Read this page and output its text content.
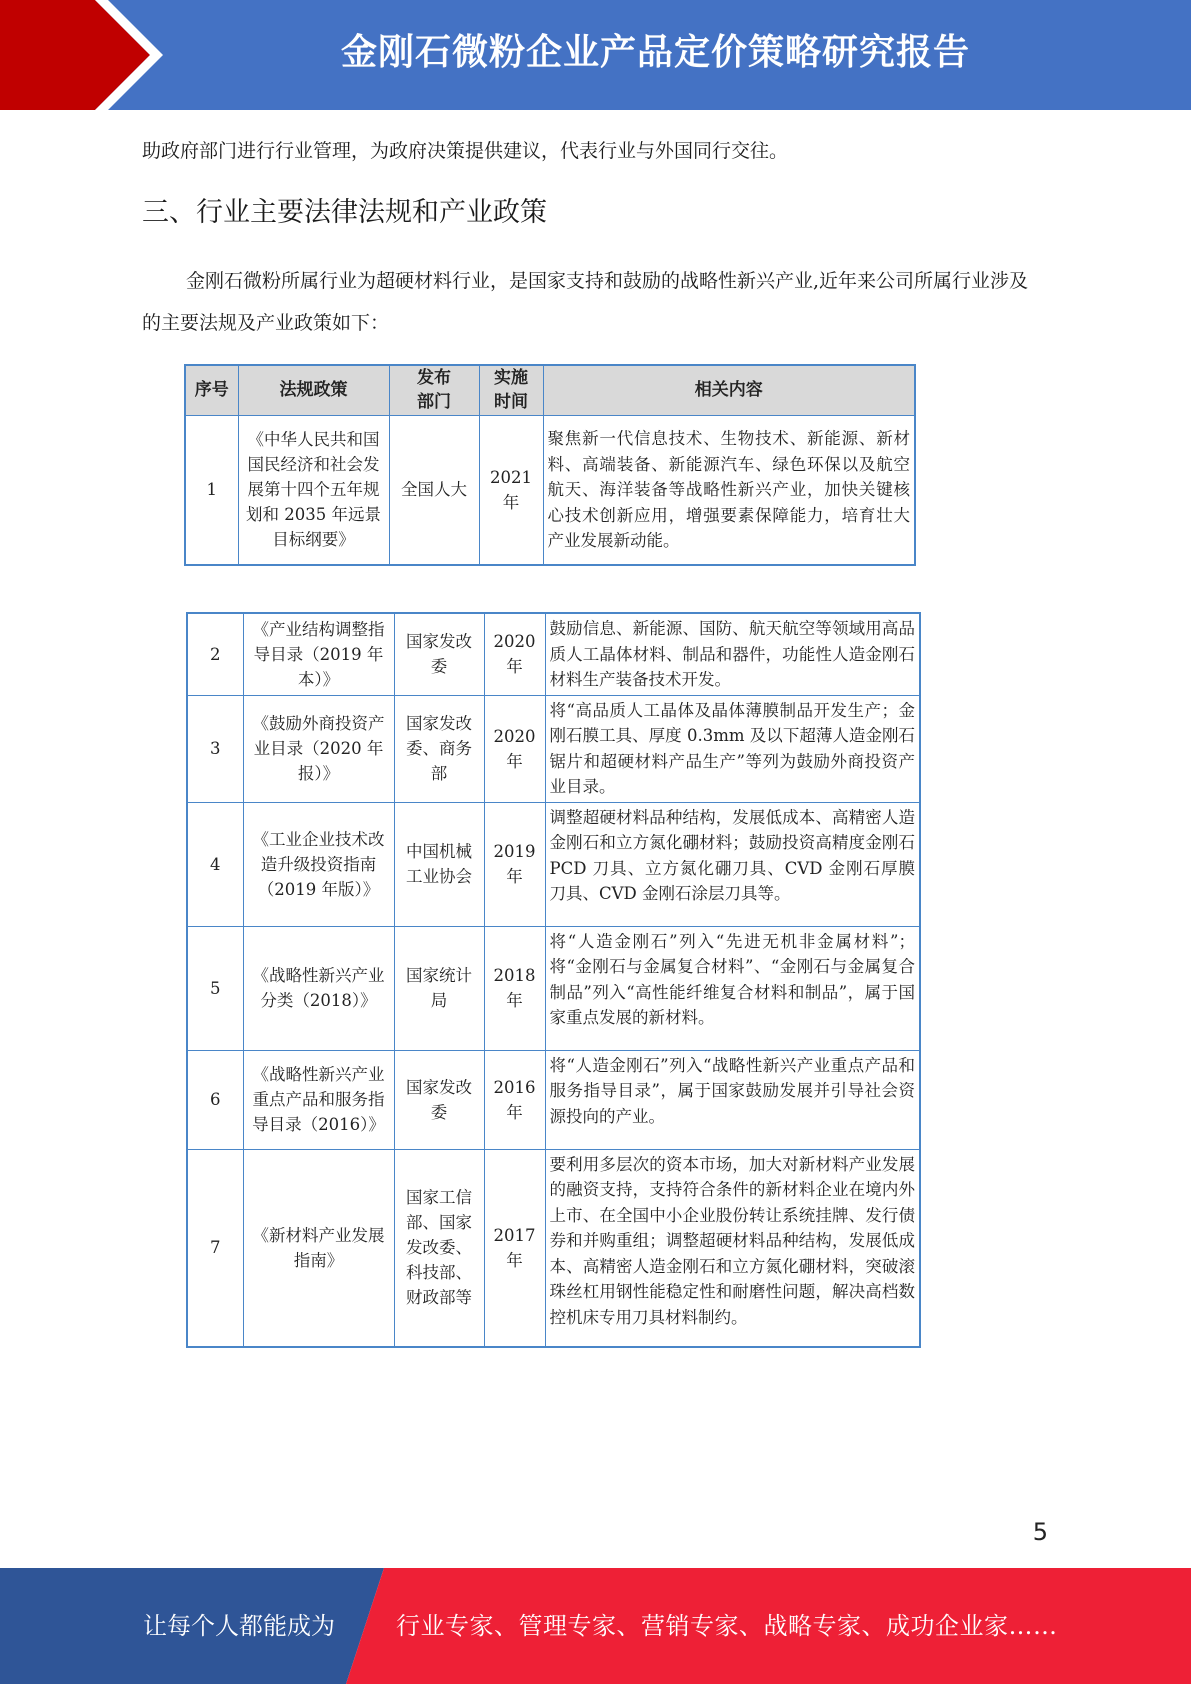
金刚石微粉企业产品定价策略研究报告

助政府部门进行行业管理，为政府决策提供建议，代表行业与外国同行交往。

三、行业主要法律法规和产业政策

金刚石微粉所属行业为超硬材料行业，是国家支持和鼓励的战略性新兴产业,近年来公司所属行业涉及的主要法规及产业政策如下：

序号	法规政策	发布部门	实施时间	相关内容
1	《中华人民共和国国民经济和社会发展第十四个五年规划和 2035 年远景目标纲要》	全国人大	2021 年	聚焦新一代信息技术、生物技术、新能源、新材料、高端装备、新能源汽车、绿色环保以及航空航天、海洋装备等战略性新兴产业，加快关键核心技术创新应用，增强要素保障能力，培育壮大产业发展新动能。
2	《产业结构调整指导目录（2019 年本）》	国家发改委	2020 年	鼓励信息、新能源、国防、航天航空等领域用高品质人工晶体材料、制品和器件，功能性人造金刚石材料生产装备技术开发。
3	《鼓励外商投资产业目录（2020 年报）》	国家发改委、商务部	2020 年	将“高品质人工晶体及晶体薄膜制品开发生产；金刚石膜工具、厚度 0.3mm 及以下超薄人造金刚石锯片和超硬材料产品生产”等列为鼓励外商投资产业目录。
4	《工业企业技术改造升级投资指南（2019 年版）》	中国机械工业协会	2019 年	调整超硬材料品种结构，发展低成本、高精密人造金刚石和立方氮化硼材料；鼓励投资高精度金刚石 PCD 刀具、立方氮化硼刀具、CVD 金刚石厚膜刀具、CVD 金刚石涂层刀具等。
5	《战略性新兴产业分类（2018）》	国家统计局	2018 年	将“人造金刚石”列入“先进无机非金属材料”；将“金刚石与金属复合材料”、“金刚石与金属复合制品”列入“高性能纤维复合材料和制品”，属于国家重点发展的新材料。
6	《战略性新兴产业重点产品和服务指导目录（2016）》	国家发改委	2016 年	将“人造金刚石”列入“战略性新兴产业重点产品和服务指导目录”，属于国家鼓励发展并引导社会资源投向的产业。
7	《新材料产业发展指南》	国家工信部、国家发改委、科技部、财政部等	2017 年	要利用多层次的资本市场，加大对新材料产业发展的融资支持，支持符合条件的新材料企业在境内外上市、在全国中小企业股份转让系统挂牌、发行债券和并购重组；调整超硬材料品种结构，发展低成本、高精密人造金刚石和立方氮化硼材料，突破滚珠丝杠用钢性能稳定性和耐磨性问题，解决高档数控机床专用刀具材料制约。
5
让每个人都能成为	行业专家、管理专家、营销专家、战略专家、成功企业家……
